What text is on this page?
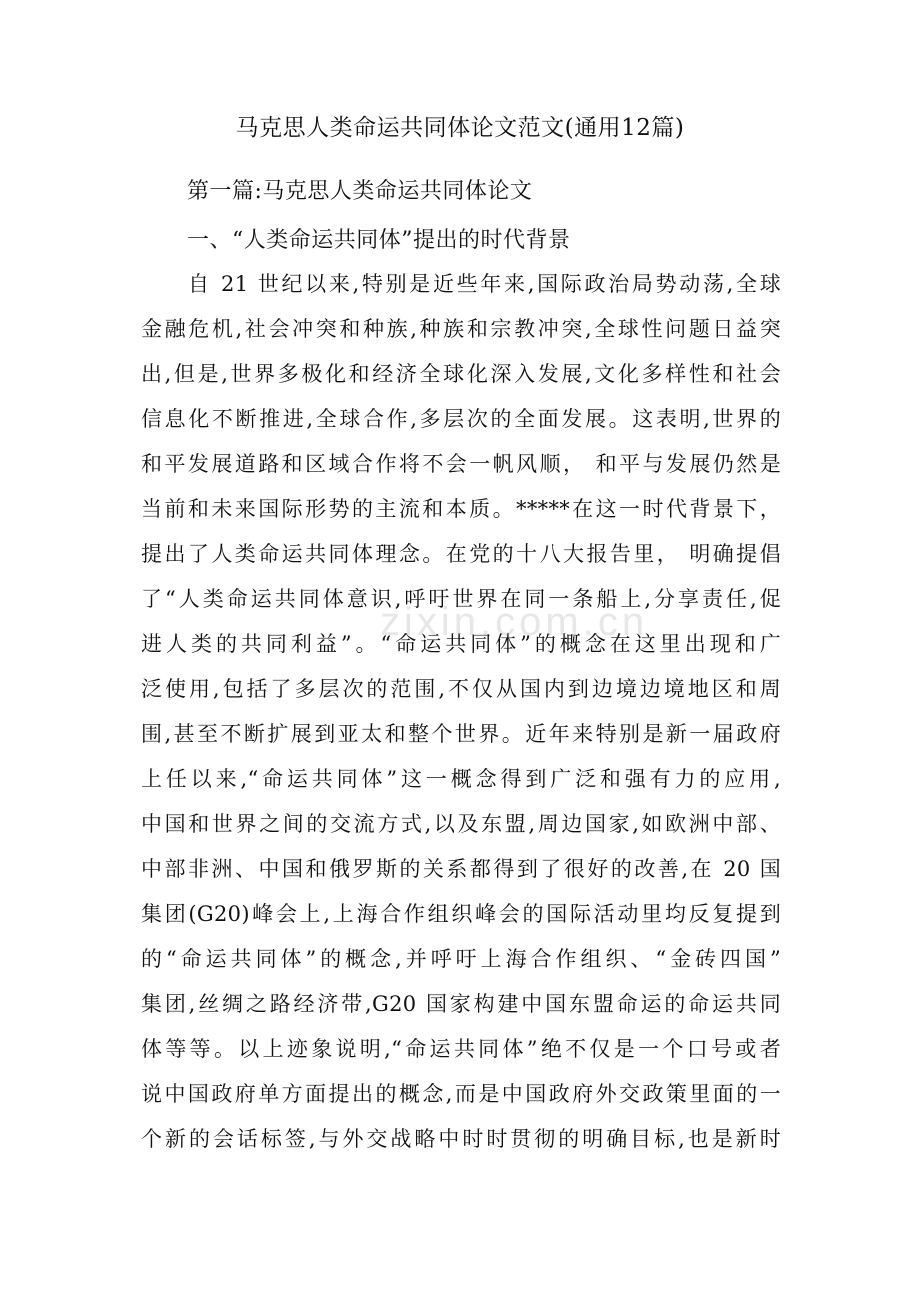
马克思人类命运共同体论文范文(通用12篇)
第一篇:马克思人类命运共同体论文
一、“人类命运共同体”提出的时代背景
自 21 世纪以来,特别是近些年来,国际政治局势动荡,全球
金融危机,社会冲突和种族,种族和宗教冲突,全球性问题日益突
出,但是,世界多极化和经济全球化深入发展,文化多样性和社会
信息化不断推进,全球合作,多层次的全面发展。这表明,世界的
和平发展道路和区域合作将不会一帆风顺， 和平与发展仍然是
当前和未来国际形势的主流和本质。*****在这一时代背景下，
提出了人类命运共同体理念。在党的十八大报告里， 明确提倡
了“人类命运共同体意识,呼吁世界在同一条船上,分享责任,促
进人类的共同利益”。“命运共同体”的概念在这里出现和广
泛使用,包括了多层次的范围,不仅从国内到边境边境地区和周
围,甚至不断扩展到亚太和整个世界。近年来特别是新一届政府
上任以来,“命运共同体”这一概念得到广泛和强有力的应用,
中国和世界之间的交流方式,以及东盟,周边国家,如欧洲中部、
中部非洲、中国和俄罗斯的关系都得到了很好的改善,在 20 国
集团(G20)峰会上,上海合作组织峰会的国际活动里均反复提到
的“命运共同体”的概念,并呼吁上海合作组织、“金砖四国”
集团,丝绸之路经济带,G20 国家构建中国东盟命运的命运共同
体等等。以上迹象说明,“命运共同体”绝不仅是一个口号或者
说中国政府单方面提出的概念,而是中国政府外交政策里面的一
个新的会话标签,与外交战略中时时贯彻的明确目标,也是新时
zixin.com.cn
